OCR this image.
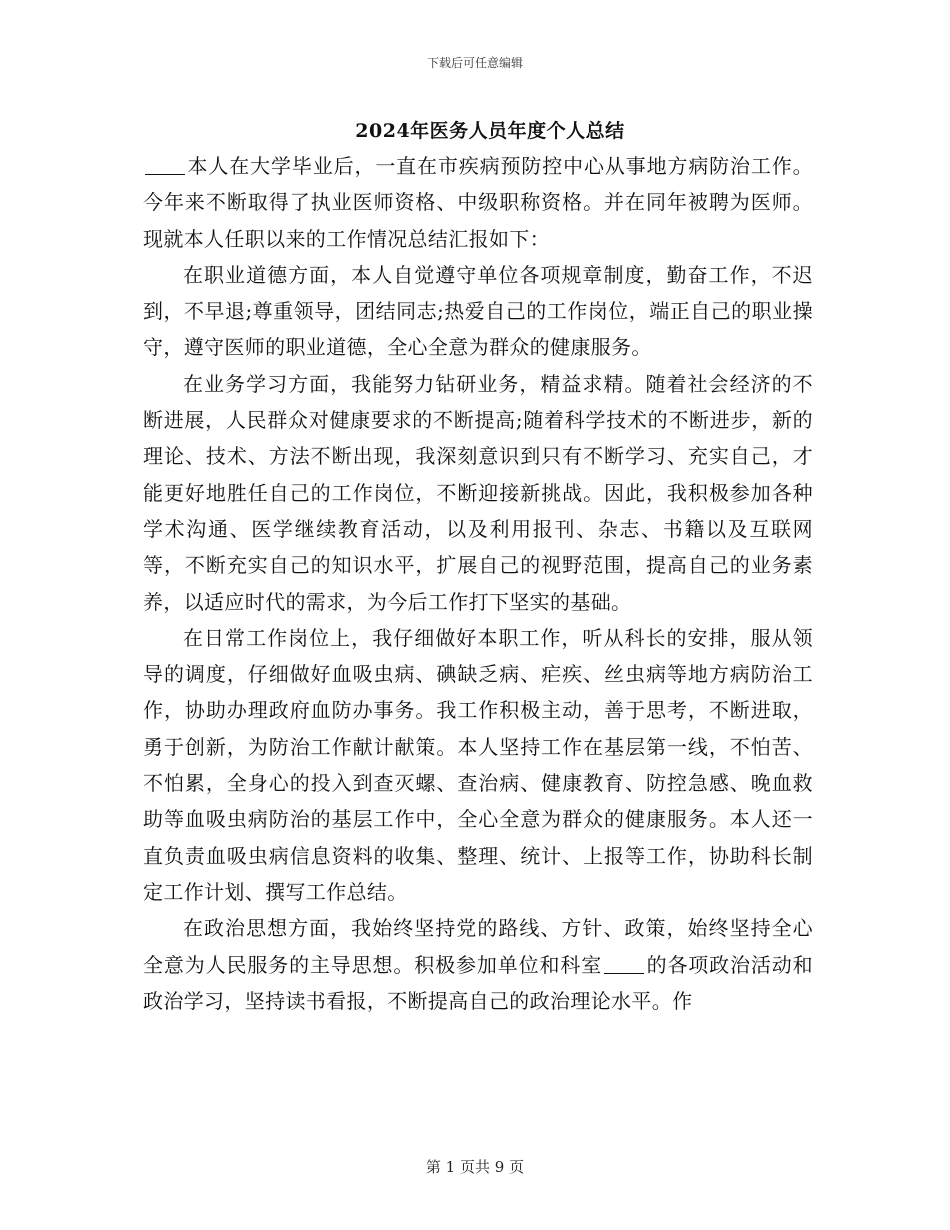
下载后可任意编辑
2024年医务人员年度个人总结

本人在大学毕业后，一直在市疾病预防控中心从事地方病防治工作。今年来不断取得了执业医师资格、中级职称资格。并在同年被聘为医师。现就本人任职以来的工作情况总结汇报如下：

在职业道德方面，本人自觉遵守单位各项规章制度，勤奋工作，不迟到，不早退;尊重领导，团结同志;热爱自己的工作岗位，端正自己的职业操守，遵守医师的职业道德，全心全意为群众的健康服务。

在业务学习方面，我能努力钻研业务，精益求精。随着社会经济的不断进展，人民群众对健康要求的不断提高;随着科学技术的不断进步，新的理论、技术、方法不断出现，我深刻意识到只有不断学习、充实自己，才能更好地胜任自己的工作岗位，不断迎接新挑战。因此，我积极参加各种学术沟通、医学继续教育活动，以及利用报刊、杂志、书籍以及互联网等，不断充实自己的知识水平，扩展自己的视野范围，提高自己的业务素养，以适应时代的需求，为今后工作打下坚实的基础。

在日常工作岗位上，我仔细做好本职工作，听从科长的安排，服从领导的调度，仔细做好血吸虫病、碘缺乏病、疟疾、丝虫病等地方病防治工作，协助办理政府血防办事务。我工作积极主动，善于思考，不断进取，勇于创新，为防治工作献计献策。本人坚持工作在基层第一线，不怕苦、不怕累，全身心的投入到查灭螺、查治病、健康教育、防控急感、晚血救助等血吸虫病防治的基层工作中，全心全意为群众的健康服务。本人还一直负责血吸虫病信息资料的收集、整理、统计、上报等工作，协助科长制定工作计划、撰写工作总结。

在政治思想方面，我始终坚持党的路线、方针、政策，始终坚持全心全意为人民服务的主导思想。积极参加单位和科室 的各项政治活动和政治学习，坚持读书看报，不断提高自己的政治理论水平。作

第 1 页共 9 页
